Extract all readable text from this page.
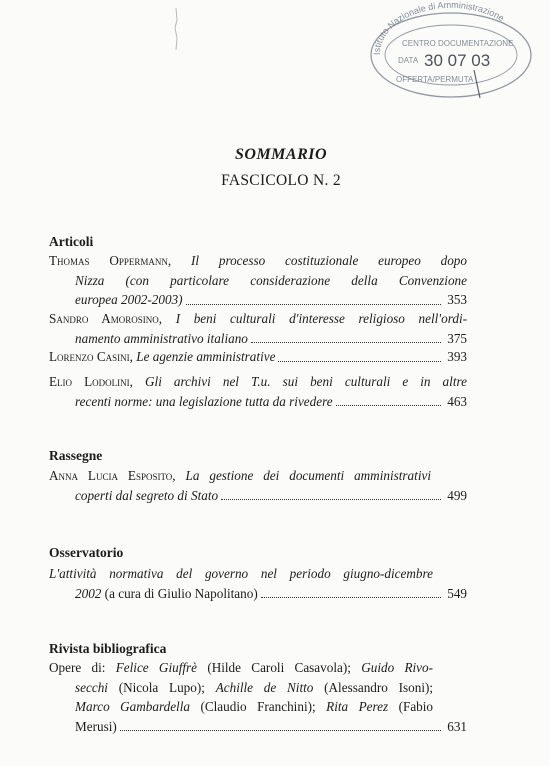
Istituto Nazionale di Amministrazione
CENTRO DOCUMENTAZIONE
DATA 30 07 03
OFFERTA/PERMUTA
SOMMARIO
FASCICOLO N. 2
Articoli
Thomas Oppermann, Il processo costituzionale europeo dopo
Nizza (con particolare considerazione della Convenzione
europea 2002-2003)	353
Sandro Amorosino, I beni culturali d'interesse religioso nell'ordi-
namento amministrativo italiano	375
Lorenzo Casini, Le agenzie amministrative	393
Elio Lodolini, Gli archivi nel T.u. sui beni culturali e in altre
recenti norme: una legislazione tutta da rivedere	463
Rassegne
Anna Lucia Esposito, La gestione dei documenti amministrativi
coperti dal segreto di Stato	499
Osservatorio
L'attività normativa del governo nel periodo giugno-dicembre
2002 (a cura di Giulio Napolitano)	549
Rivista bibliografica
Opere di: Felice Giuffrè (Hilde Caroli Casavola); Guido Rivo-
secchi (Nicola Lupo); Achille de Nitto (Alessandro Isoni);
Marco Gambardella (Claudio Franchini); Rita Perez (Fabio
Merusi)	631
